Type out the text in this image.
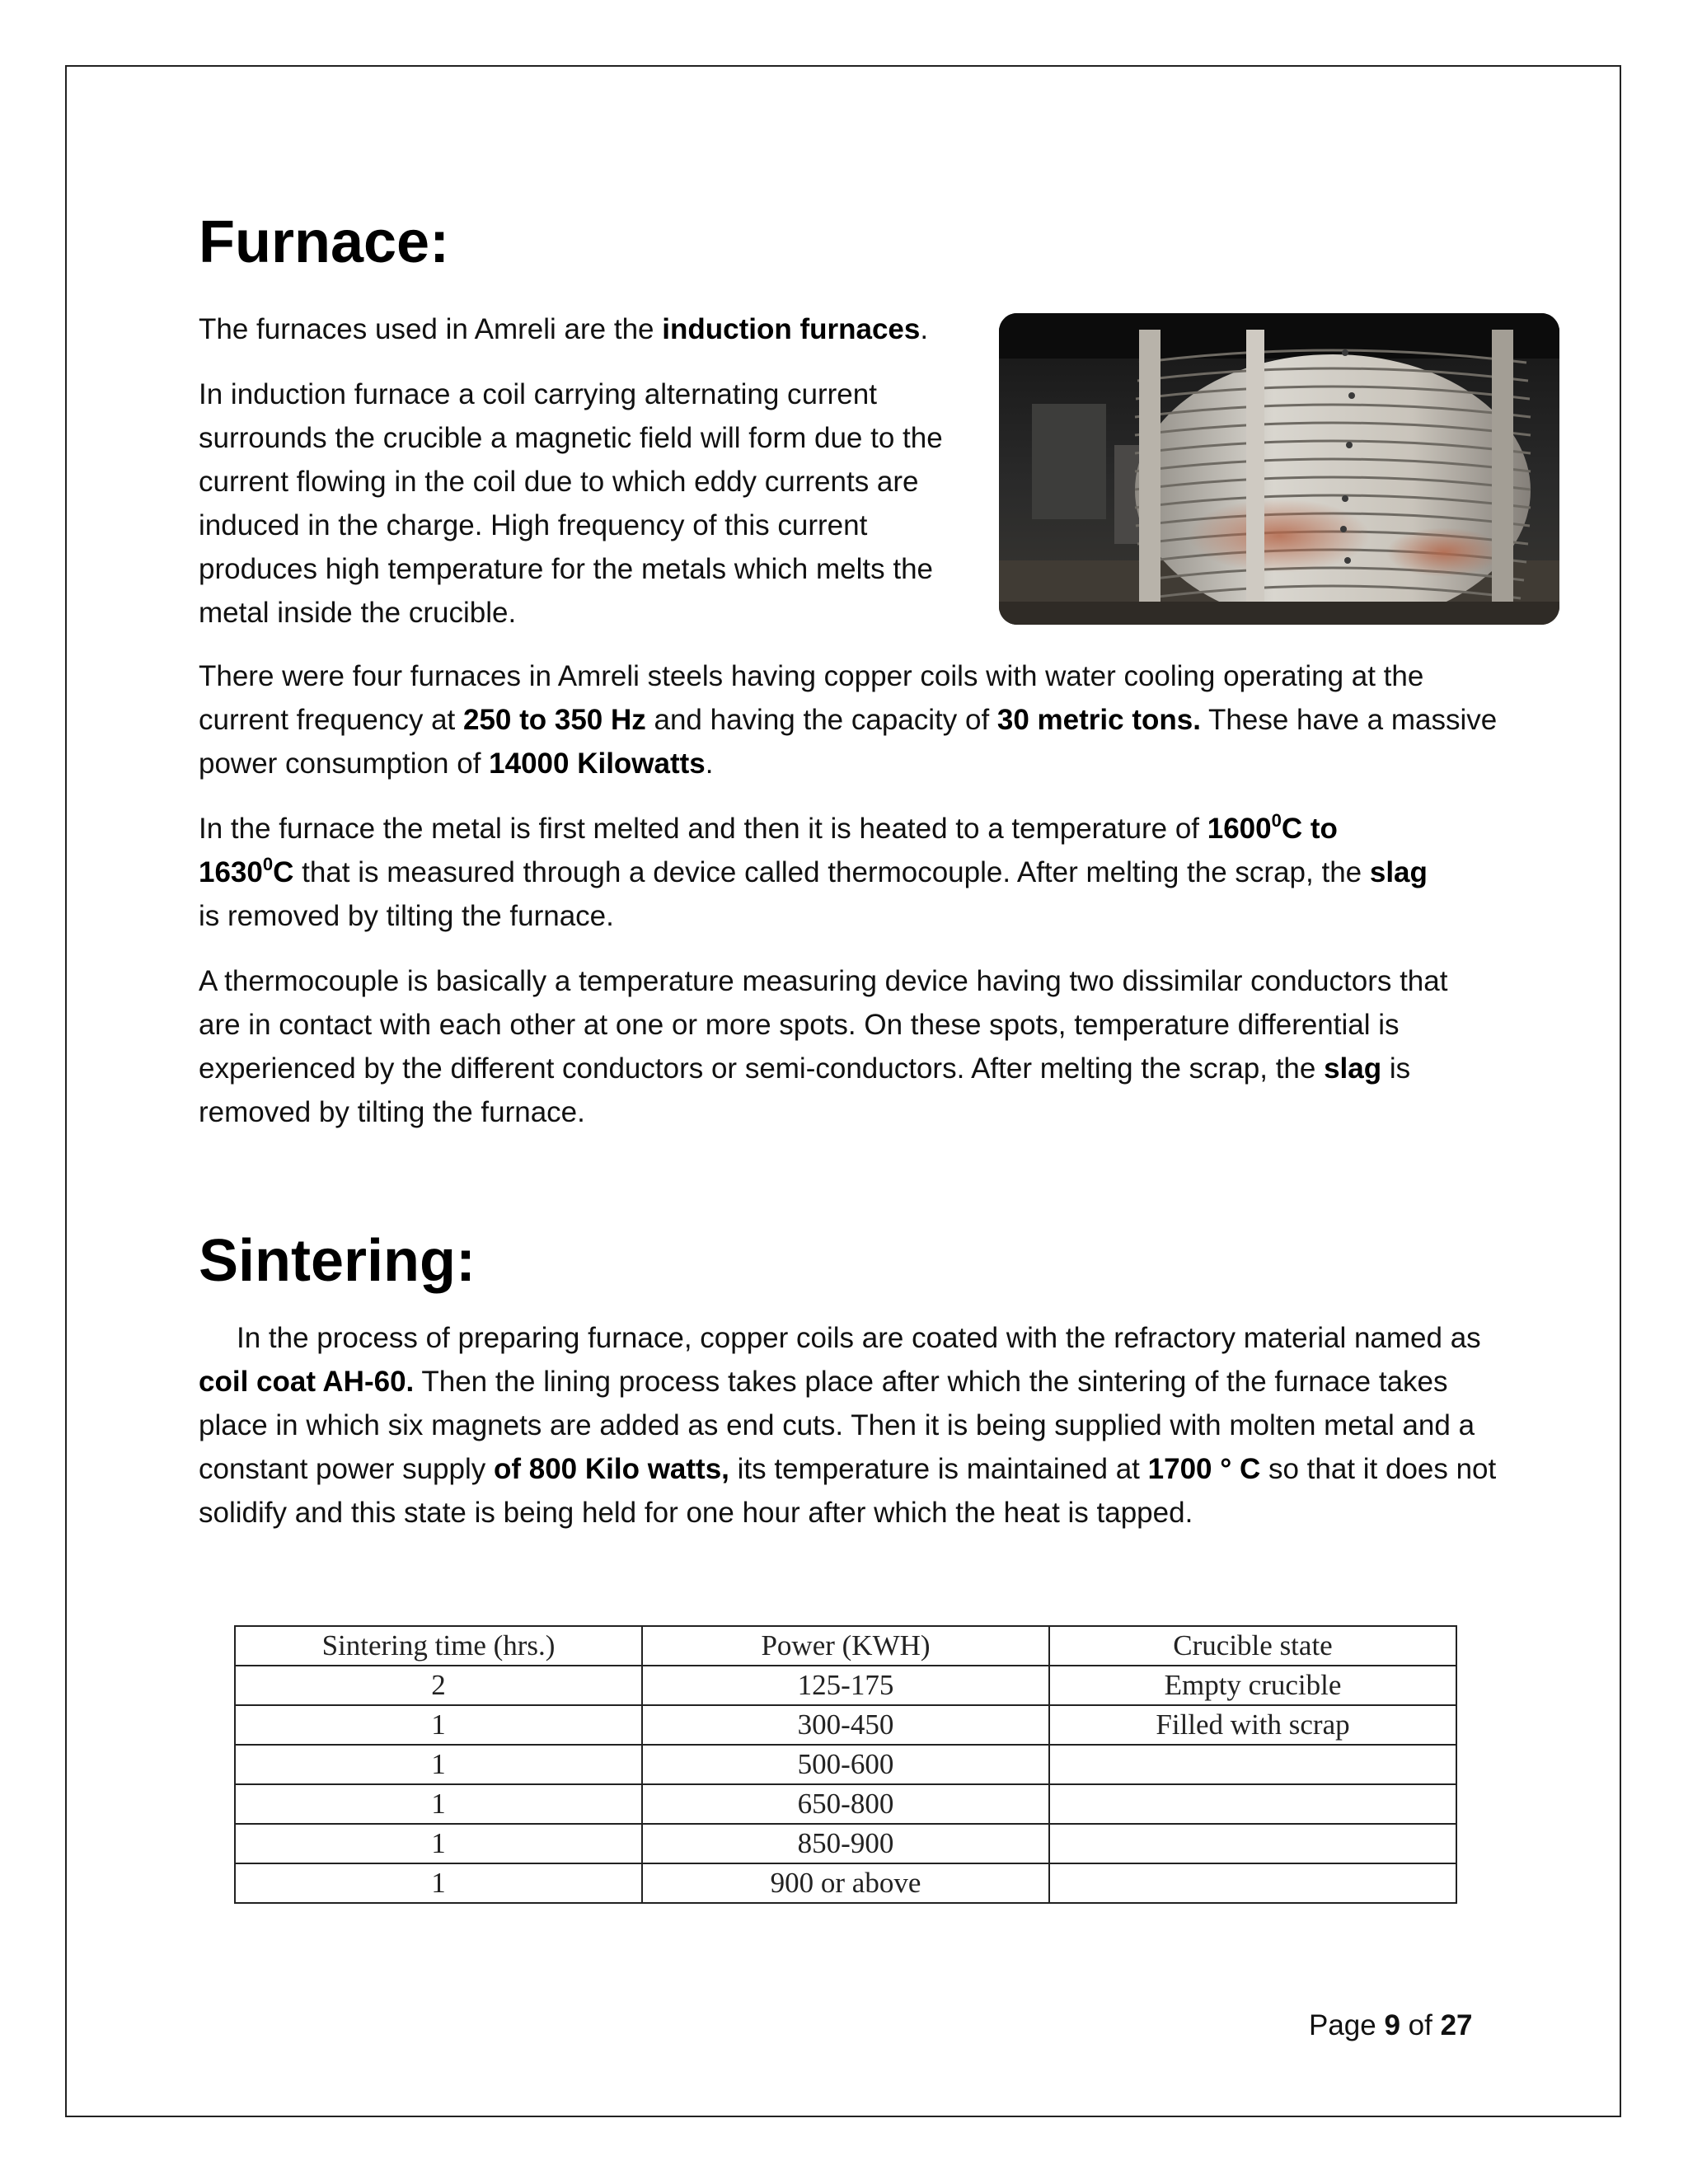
Furnace:

The furnaces used in Amreli are the induction furnaces.

In induction furnace a coil carrying alternating current surrounds the crucible a magnetic field will form due to the current flowing in the coil due to which eddy currents are induced in the charge. High frequency of this current produces high temperature for the metals which melts the metal inside the crucible.

There were four furnaces in Amreli steels having copper coils with water cooling operating at the current frequency at 250 to 350 Hz and having the capacity of 30 metric tons. These have a massive power consumption of 14000 Kilowatts.

In the furnace the metal is first melted and then it is heated to a temperature of 1600$^0$C to 1630$^0$C that is measured through a device called thermocouple. After melting the scrap, the slag is removed by tilting the furnace.

A thermocouple is basically a temperature measuring device having two dissimilar conductors that are in contact with each other at one or more spots. On these spots, temperature differential is experienced by the different conductors or semi-conductors. After melting the scrap, the slag is removed by tilting the furnace.

Sintering:

In the process of preparing furnace, copper coils are coated with the refractory material named as coil coat AH-60. Then the lining process takes place after which the sintering of the furnace takes place in which six magnets are added as end cuts. Then it is being supplied with molten metal and a constant power supply of 800 Kilo watts, its temperature is maintained at 1700 ° C so that it does not solidify and this state is being held for one hour after which the heat is tapped.

Sintering time (hrs.)	Power (KWH)	Crucible state
2	125-175	Empty crucible
1	300-450	Filled with scrap
1	500-600	
1	650-800	
1	850-900	
1	900 or above	
Page 9 of 27
